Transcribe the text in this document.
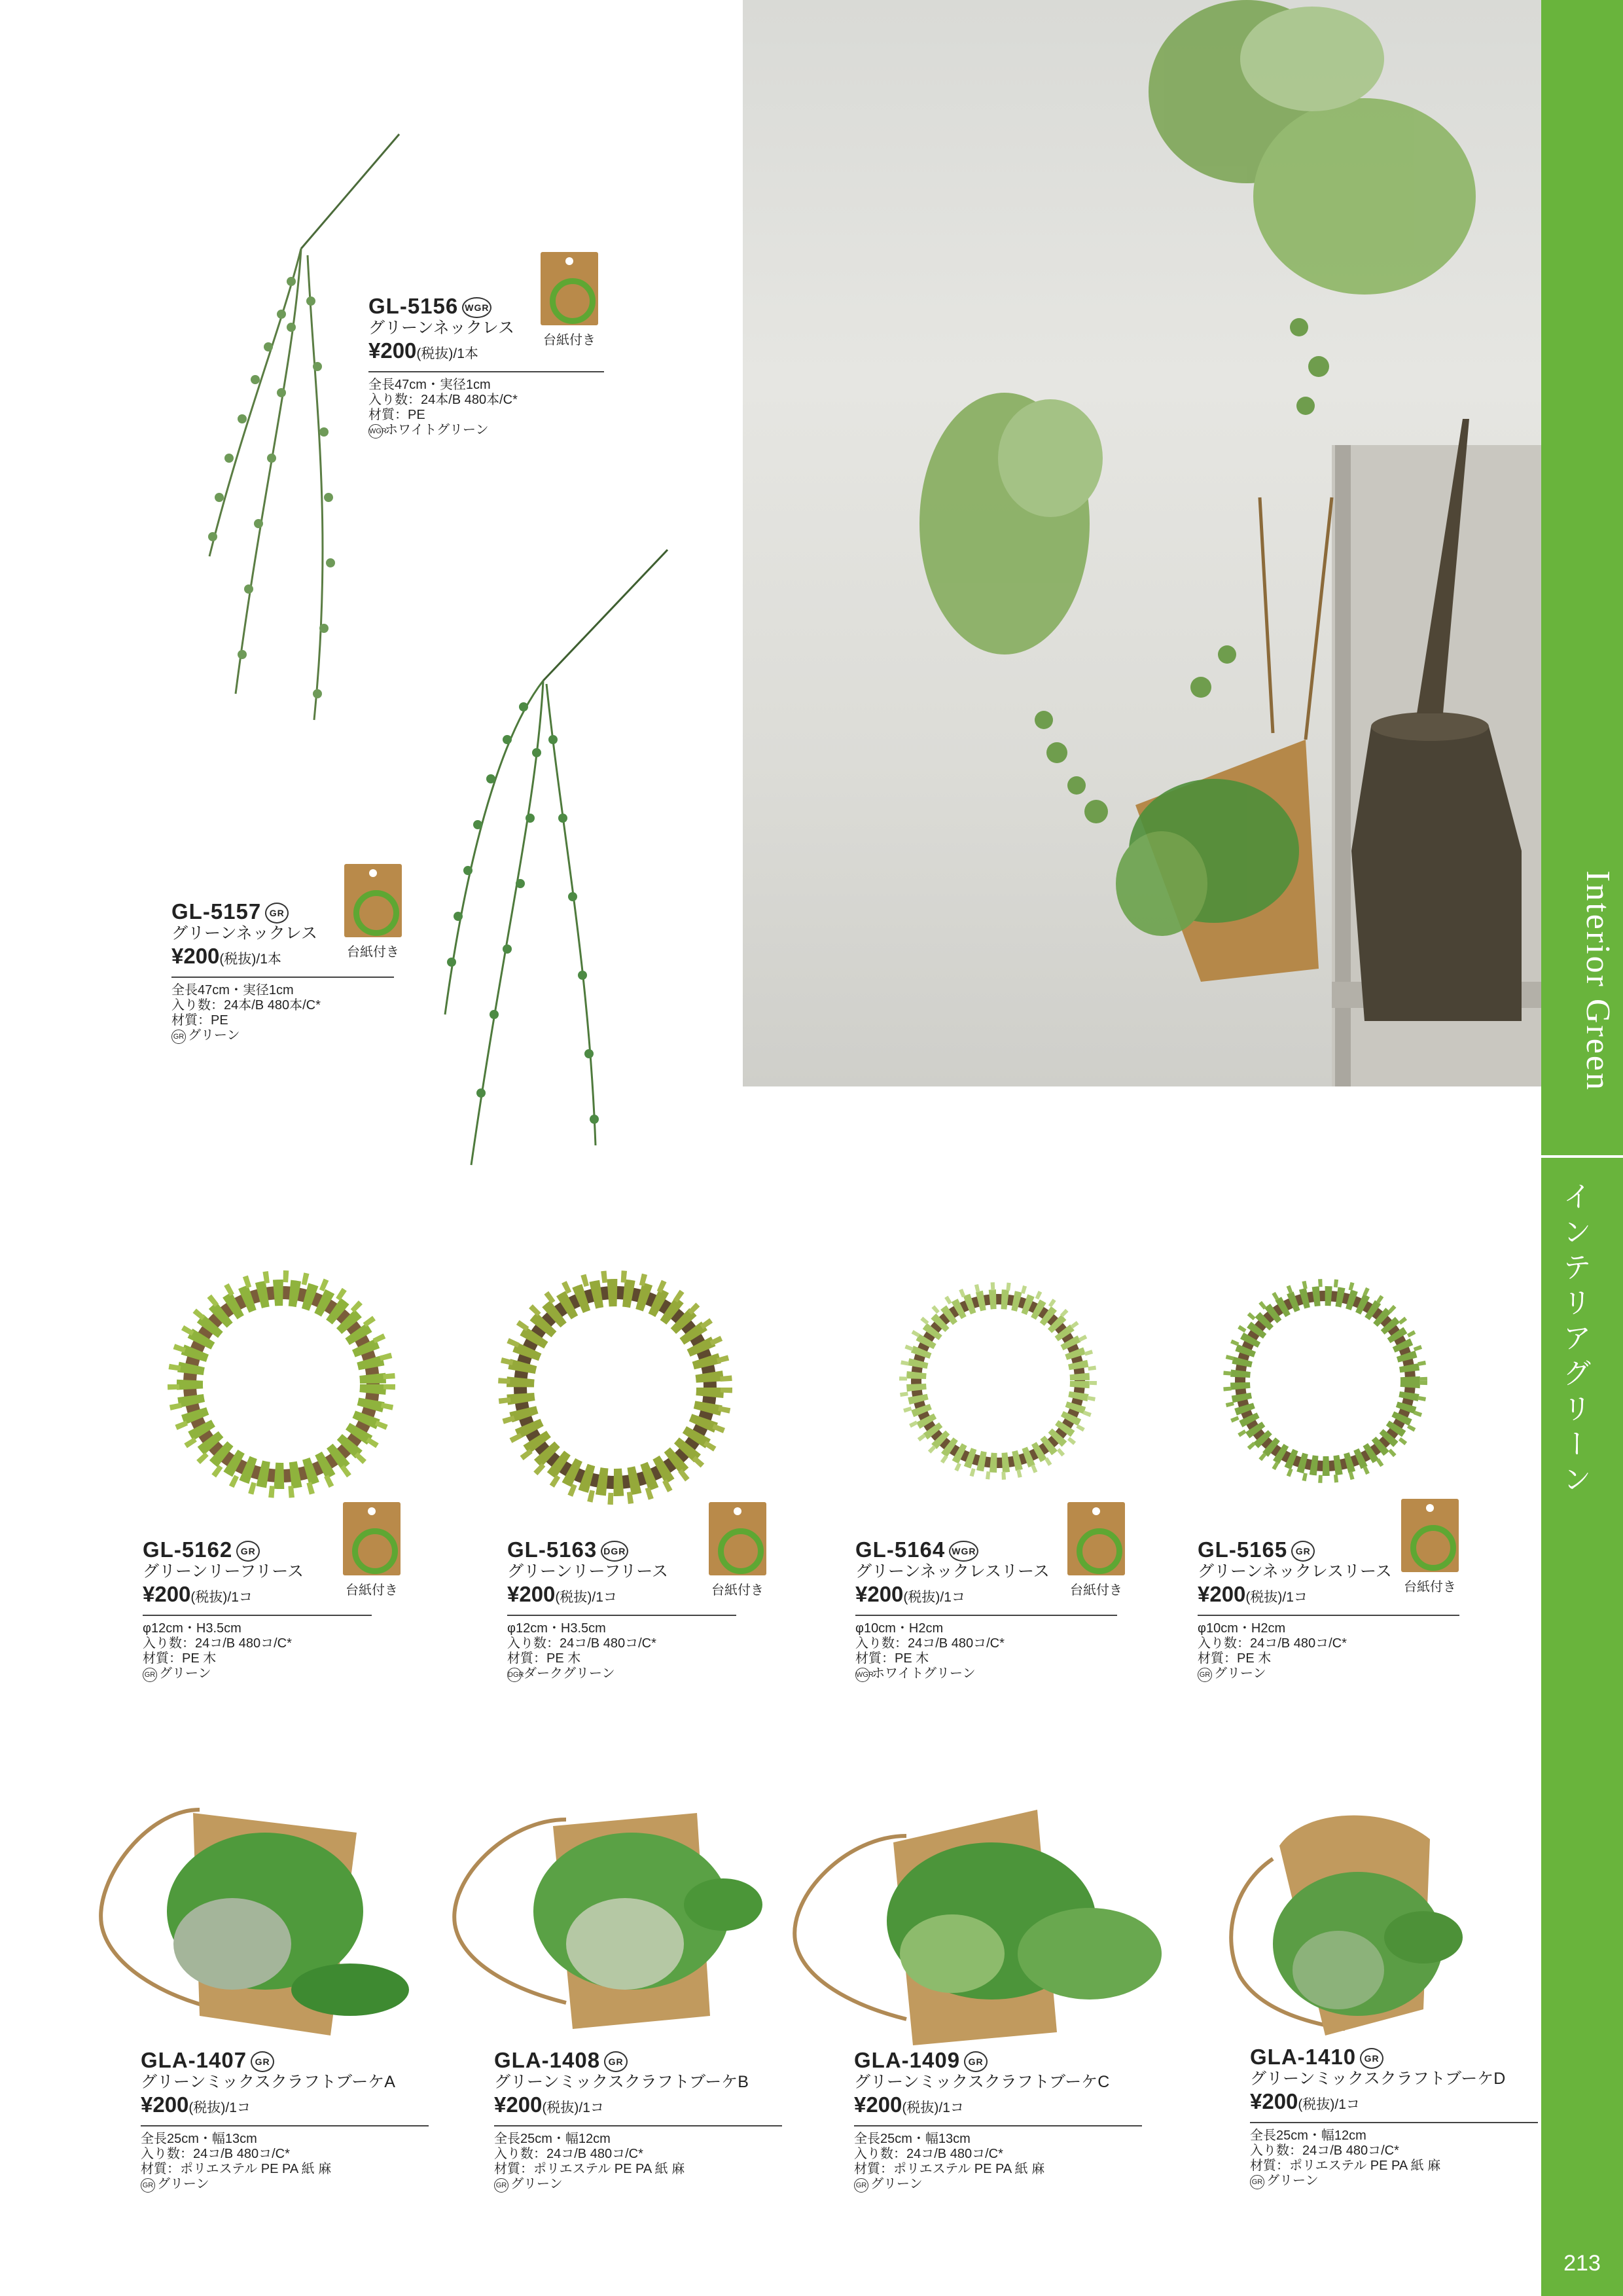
Interior Green
インテリアグリーン
213
GL-5156 WGR
グリーンネックレス
¥200(税抜)/1本
全長47cm・実径1cm
入り数：24本/B 480本/C*
材質：PE
WGRホワイトグリーン
台紙付き
GL-5157 GR
グリーンネックレス
¥200(税抜)/1本
全長47cm・実径1cm
入り数：24本/B 480本/C*
材質：PE
GR グリーン
台紙付き
GL-5162 GR
グリーンリーフリース
¥200(税抜)/1コ
φ12cm・H3.5cm
入り数：24コ/B 480コ/C*
材質：PE 木
GR グリーン
台紙付き
GL-5163 DGR
グリーンリーフリース
¥200(税抜)/1コ
φ12cm・H3.5cm
入り数：24コ/B 480コ/C*
材質：PE 木
DGRダークグリーン
台紙付き
GL-5164 WGR
グリーンネックレスリース
¥200(税抜)/1コ
φ10cm・H2cm
入り数：24コ/B 480コ/C*
材質：PE 木
WGRホワイトグリーン
台紙付き
GL-5165 GR
グリーンネックレスリース
¥200(税抜)/1コ
φ10cm・H2cm
入り数：24コ/B 480コ/C*
材質：PE 木
GR グリーン
台紙付き
GLA-1407 GR
グリーンミックスクラフトブーケA
¥200(税抜)/1コ
全長25cm・幅13cm
入り数：24コ/B 480コ/C*
材質：ポリエステル PE PA 紙 麻
GR グリーン
GLA-1408 GR
グリーンミックスクラフトブーケB
¥200(税抜)/1コ
全長25cm・幅12cm
入り数：24コ/B 480コ/C*
材質：ポリエステル PE PA 紙 麻
GR グリーン
GLA-1409 GR
グリーンミックスクラフトブーケC
¥200(税抜)/1コ
全長25cm・幅13cm
入り数：24コ/B 480コ/C*
材質：ポリエステル PE PA 紙 麻
GR グリーン
GLA-1410 GR
グリーンミックスクラフトブーケD
¥200(税抜)/1コ
全長25cm・幅12cm
入り数：24コ/B 480コ/C*
材質：ポリエステル PE PA 紙 麻
GR グリーン
